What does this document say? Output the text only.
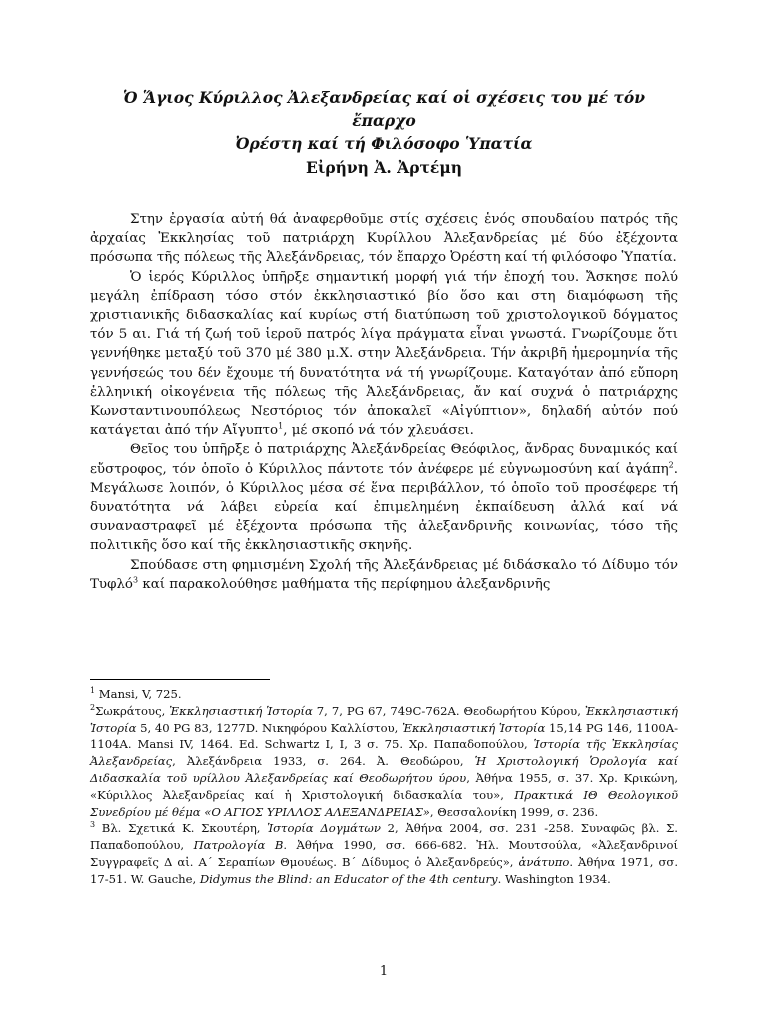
Ὁ Ἅγιος Κύριλλος Ἀλεξανδρείας καί οἱ σχέσεις του μέ τόν ἔπαρχο
Ὀρέστη καί τή Φιλόσοφο Ὑπατία
Εἰρήνη Ἀ. Ἀρτέμη

Στην ἐργασία αὐτή θά ἀναφερθοῦμε στίς σχέσεις ἑνός σπουδαίου πατρός τῆς ἀρχαίας Ἐκκλησίας τοῦ πατριάρχη Κυρίλλου Ἀλεξανδρείας μέ δύο ἐξέχοντα πρόσωπα τῆς πόλεως τῆς Ἀλεξάνδρειας, τόν ἔπαρχο Ὀρέστη καί τή φιλόσοφο Ὑπατία.

Ὁ ἱερός Κύριλλος ὑπῆρξε σημαντική μορφή γιά τήν ἐποχή του. Ἄσκησε πολύ μεγάλη ἐπίδραση τόσο στόν ἐκκλησιαστικό βίο ὅσο και στη διαμόφωση τῆς χριστιανικῆς διδασκαλίας καί κυρίως στή διατύπωση τοῦ χριστολογικοῦ δόγματος τόν 5 αι. Γιά τή ζωή τοῦ ἱεροῦ πατρός λίγα πράγματα εἶναι γνωστά. Γνωρίζουμε ὅτι γεννήθηκε μεταξύ τοῦ 370 μέ 380 μ.Χ. στην Ἀλεξάνδρεια. Τήν ἀκριβῆ ἡμερομηνία τῆς γεννήσεώς του δέν ἔχουμε τή δυνατότητα νά τή γνωρίζουμε. Καταγόταν ἀπό εὔπορη ἑλληνική οἰκογένεια τῆς πόλεως τῆς Ἀλεξάνδρειας, ἄν καί συχνά ὁ πατριάρχης Κωνσταντινουπόλεως Νεστόριος τόν ἀποκαλεῖ «Αἰγύπτιον», δηλαδή αὐτόν πού κατάγεται ἀπό τήν Αἴγυπτο$^1$, μέ σκοπό νά τόν χλευάσει.

Θεῖος του ὑπῆρξε ὁ πατριάρχης Ἀλεξάνδρείας Θεόφιλος, ἄνδρας δυναμικός καί εὔστροφος, τόν ὁποῖο ὁ Κύριλλος πάντοτε τόν ἀνέφερε μέ εὐγνωμοσύνη καί ἀγάπη$^2$. Μεγάλωσε λοιπόν, ὁ Κύριλλος μέσα σέ ἕνα περιβάλλον, τό ὁποῖο τοῦ προσέφερε τή δυνατότητα νά λάβει εὐρεία καί ἐπιμελημένη ἐκπαίδευση ἀλλά καί νά συναναστραφεῖ μέ ἐξέχοντα πρόσωπα τῆς ἀλεξανδρινῆς κοινωνίας, τόσο τῆς πολιτικῆς ὅσο καί τῆς ἐκκλησιαστικῆς σκηνῆς.

Σπούδασε στη φημισμένη Σχολή τῆς Ἀλεξάνδρειας μέ διδάσκαλο τό Δίδυμο τόν Τυφλό$^3$ καί παρακολούθησε μαθήματα τῆς περίφημου ἀλεξανδρινῆς

$^1$ Mansi, V, 725.

$^2$Σωκράτους, Ἐκκλησιαστική Ἱστορία 7, 7, PG 67, 749C-762A. Θεοδωρήτου Κύρου, Ἐκκλησιαστική Ἱστορία 5, 40 PG 83, 1277D. Νικηφόρου Καλλίστου, Ἐκκλησιαστική Ἱστορία 15,14 PG 146, 1100A- 1104A. Mansi IV, 1464. Ed. Schwartz I, I, 3 σ. 75. Χρ. Παπαδοπούλου, Ἱστορία τῆς Ἐκκλησίας Ἀλεξανδρείας, Ἀλεξάνδρεια 1933, σ. 264. Ἀ. Θεοδώρου, Ἡ Χριστολογική Ὁρολογία καί Διδασκαλία τοῦ υρίλλου Ἀλεξανδρείας καί Θεοδωρήτου ύρου, Ἀθήνα 1955, σ. 37. Χρ. Κρικώνη, «Κύριλλος Ἀλεξανδρείας καί ἡ Χριστολογική διδασκαλία του», Πρακτικά ΙΘ Θεολογικοῦ Συνεδρίου μέ θέμα «Ο ΑΓΙΟΣ ΥΡΙΛΛΟΣ ΑΛΕΞΑΝΔΡΕΙΑΣ», Θεσσαλονίκη 1999, σ. 236.

$^3$ Βλ. Σχετικά Κ. Σκουτέρη, Ἱστορία Δογμάτων 2, Ἀθήνα 2004, σσ. 231 -258. Συναφῶς βλ. Σ. Παπαδοπούλου, Πατρολογία Β. Ἀθήνα 1990, σσ. 666-682. Ἠλ. Μουτσούλα, «Ἀλεξανδρινοί Συγγραφεῖς Δ αἰ. Α΄ Σεραπίων Θμουέως. Β΄ Δίδυμος ὁ Ἀλεξανδρεύς», ἀνάτυπο. Ἀθήνα 1971, σσ. 17-51. W. Gauche, Didymus the Blind: an Educator of the 4th century. Washington 1934.

1
